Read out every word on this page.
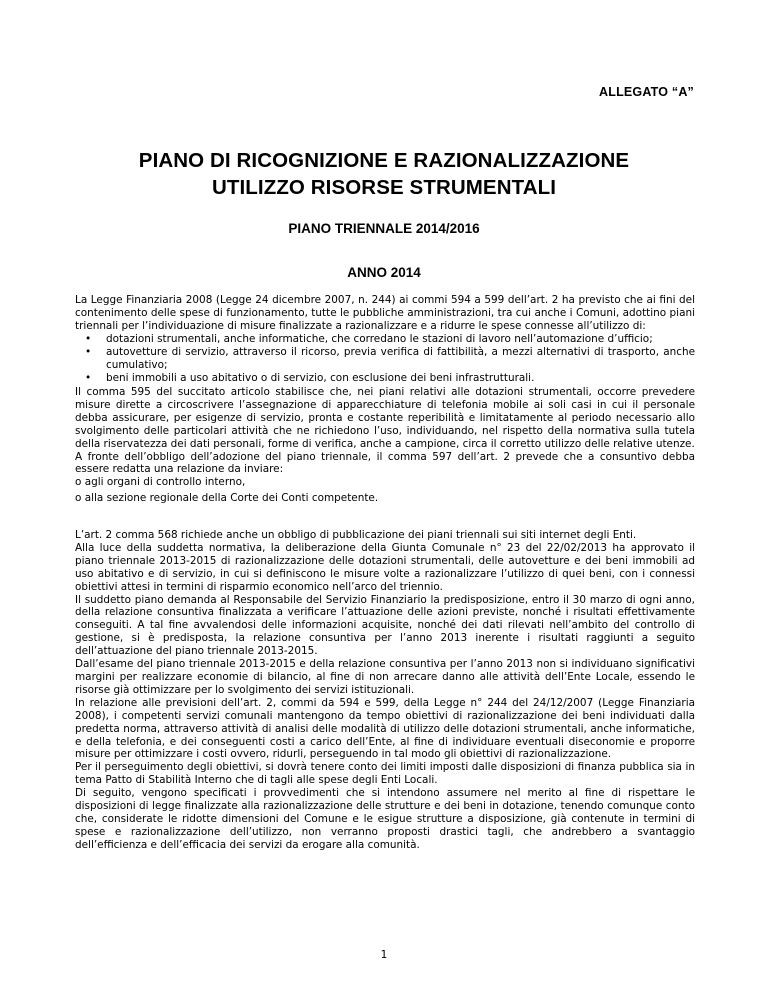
ALLEGATO “A”
PIANO DI RICOGNIZIONE E RAZIONALIZZAZIONE
UTILIZZO RISORSE STRUMENTALI
PIANO TRIENNALE 2014/2016
ANNO 2014

La Legge Finanziaria 2008 (Legge 24 dicembre 2007, n. 244) ai commi 594 a 599 dell’art. 2 ha previsto che ai fini del contenimento delle spese di funzionamento, tutte le pubbliche amministrazioni, tra cui anche i Comuni, adottino piani triennali per l’individuazione di misure finalizzate a razionalizzare e a ridurre le spese connesse all’utilizzo di:

• dotazioni strumentali, anche informatiche, che corredano le stazioni di lavoro nell’automazione d’ufficio;
• autovetture di servizio, attraverso il ricorso, previa verifica di fattibilità, a mezzi alternativi di trasporto, anche cumulativo;
• beni immobili a uso abitativo o di servizio, con esclusione dei beni infrastrutturali.

Il comma 595 del succitato articolo stabilisce che, nei piani relativi alle dotazioni strumentali, occorre prevedere misure dirette a circoscrivere l’assegnazione di apparecchiature di telefonia mobile ai soli casi in cui il personale debba assicurare, per esigenze di servizio, pronta e costante reperibilità e limitatamente al periodo necessario allo svolgimento delle particolari attività che ne richiedono l’uso, individuando, nel rispetto della normativa sulla tutela della riservatezza dei dati personali, forme di verifica, anche a campione, circa il corretto utilizzo delle relative utenze.

A fronte dell’obbligo dell’adozione del piano triennale, il comma 597 dell’art. 2 prevede che a consuntivo debba essere redatta una relazione da inviare:

o agli organi di controllo interno,

o alla sezione regionale della Corte dei Conti competente.

L’art. 2 comma 568 richiede anche un obbligo di pubblicazione dei piani triennali sui siti internet degli Enti.

Alla luce della suddetta normativa, la deliberazione della Giunta Comunale n° 23 del 22/02/2013 ha approvato il piano triennale 2013-2015 di razionalizzazione delle dotazioni strumentali, delle autovetture e dei beni immobili ad uso abitativo e di servizio, in cui si definiscono le misure volte a razionalizzare l’utilizzo di quei beni, con i connessi obiettivi attesi in termini di risparmio economico nell’arco del triennio.

Il suddetto piano demanda al Responsabile del Servizio Finanziario la predisposizione, entro il 30 marzo di ogni anno, della relazione consuntiva finalizzata a verificare l’attuazione delle azioni previste, nonché i risultati effettivamente conseguiti. A tal fine avvalendosi delle informazioni acquisite, nonché dei dati rilevati nell’ambito del controllo di gestione, si è predisposta, la relazione consuntiva per l’anno 2013 inerente i risultati raggiunti a seguito dell’attuazione del piano triennale 2013-2015.

Dall’esame del piano triennale 2013-2015 e della relazione consuntiva per l’anno 2013 non si individuano significativi margini per realizzare economie di bilancio, al fine di non arrecare danno alle attività dell’Ente Locale, essendo le risorse già ottimizzare per lo svolgimento dei servizi istituzionali.

In relazione alle previsioni dell’art. 2, commi da 594 e 599, della Legge n° 244 del 24/12/2007 (Legge Finanziaria 2008), i competenti servizi comunali mantengono da tempo obiettivi di razionalizzazione dei beni individuati dalla predetta norma, attraverso attività di analisi delle modalità di utilizzo delle dotazioni strumentali, anche informatiche, e della telefonia, e dei conseguenti costi a carico dell’Ente, al fine di individuare eventuali diseconomie e proporre misure per ottimizzare i costi ovvero, ridurli, perseguendo in tal modo gli obiettivi di razionalizzazione.

Per il perseguimento degli obiettivi, si dovrà tenere conto dei limiti imposti dalle disposizioni di finanza pubblica sia in tema Patto di Stabilità Interno che di tagli alle spese degli Enti Locali.

Di seguito, vengono specificati i provvedimenti che si intendono assumere nel merito al fine di rispettare le disposizioni di legge finalizzate alla razionalizzazione delle strutture e dei beni in dotazione, tenendo comunque conto che, considerate le ridotte dimensioni del Comune e le esigue strutture a disposizione, già contenute in termini di spese e razionalizzazione dell’utilizzo, non verranno proposti drastici tagli, che andrebbero a svantaggio dell’efficienza e dell’efficacia dei servizi da erogare alla comunità.

1
